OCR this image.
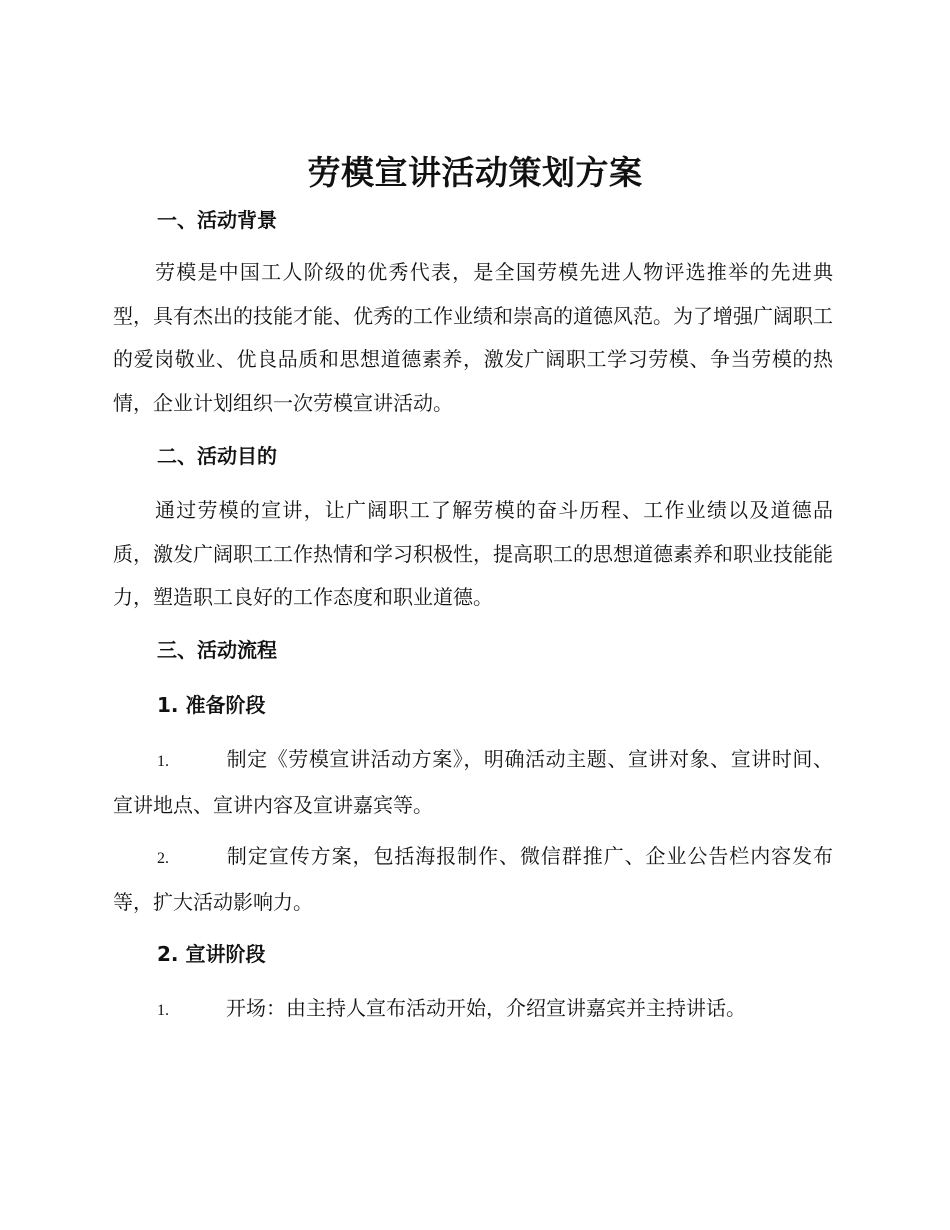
劳模宣讲活动策划方案
一、活动背景
劳模是中国工人阶级的优秀代表，是全国劳模先进人物评选推举的先进典型，具有杰出的技能才能、优秀的工作业绩和崇高的道德风范。为了增强广阔职工的爱岗敬业、优良品质和思想道德素养，激发广阔职工学习劳模、争当劳模的热情，企业计划组织一次劳模宣讲活动。
二、活动目的
通过劳模的宣讲，让广阔职工了解劳模的奋斗历程、工作业绩以及道德品质，激发广阔职工工作热情和学习积极性，提高职工的思想道德素养和职业技能能力，塑造职工良好的工作态度和职业道德。
三、活动流程
1. 准备阶段
1.	制定《劳模宣讲活动方案》，明确活动主题、宣讲对象、宣讲时间、宣讲地点、宣讲内容及宣讲嘉宾等。
2.	制定宣传方案，包括海报制作、微信群推广、企业公告栏内容发布等，扩大活动影响力。
2. 宣讲阶段
1.	开场：由主持人宣布活动开始，介绍宣讲嘉宾并主持讲话。
